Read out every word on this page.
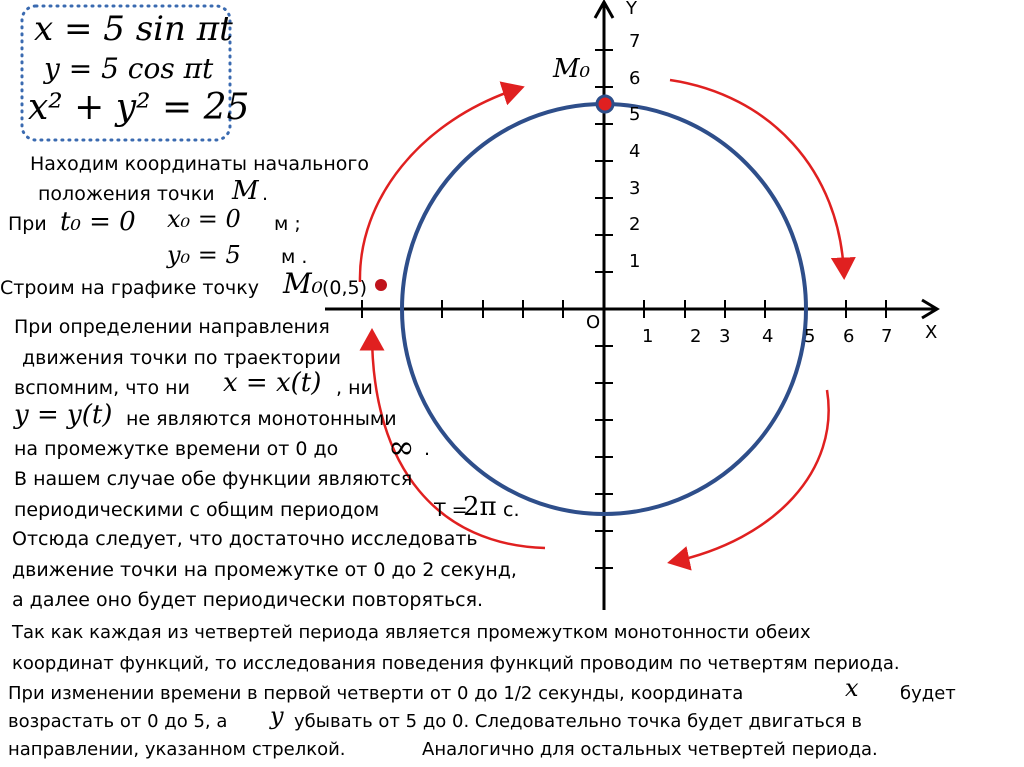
x = 5 sin πt
y = 5 cos πt
x² + y² = 25
Y
X
O
M₀
1
2
3
4
5
6
7
1 2 3 4 5 6 7
Находим координаты начального
положения точки M .
При t₀ = 0 x₀ = 0 м ;
y₀ = 5 м .
Строим на графике точку M₀ (0,5)
При определении направления
движения точки по траектории
вспомним, что ни x = x(t) , ни
y = y(t) не являются монотонными
на промежутке времени от 0 до ∞ .
В нашем случае обе функции являются
периодическими с общим периодом	T =
2π с.
Отсюда следует, что достаточно исследовать
движение точки на промежутке от 0 до 2 секунд,
а далее оно будет периодически повторяться.
Так как каждая из четвертей периода является промежутком монотонности обеих
координат функций, то исследования поведения функций проводим по четвертям периода.
При изменении времени в первой четверти от 0 до 1/2 секунды, координата	x будет
возрастать от 0 до 5, а y убывать от 5 до 0. Следовательно точка будет двигаться в
направлении, указанном стрелкой.	Аналогично для остальных четвертей периода.
